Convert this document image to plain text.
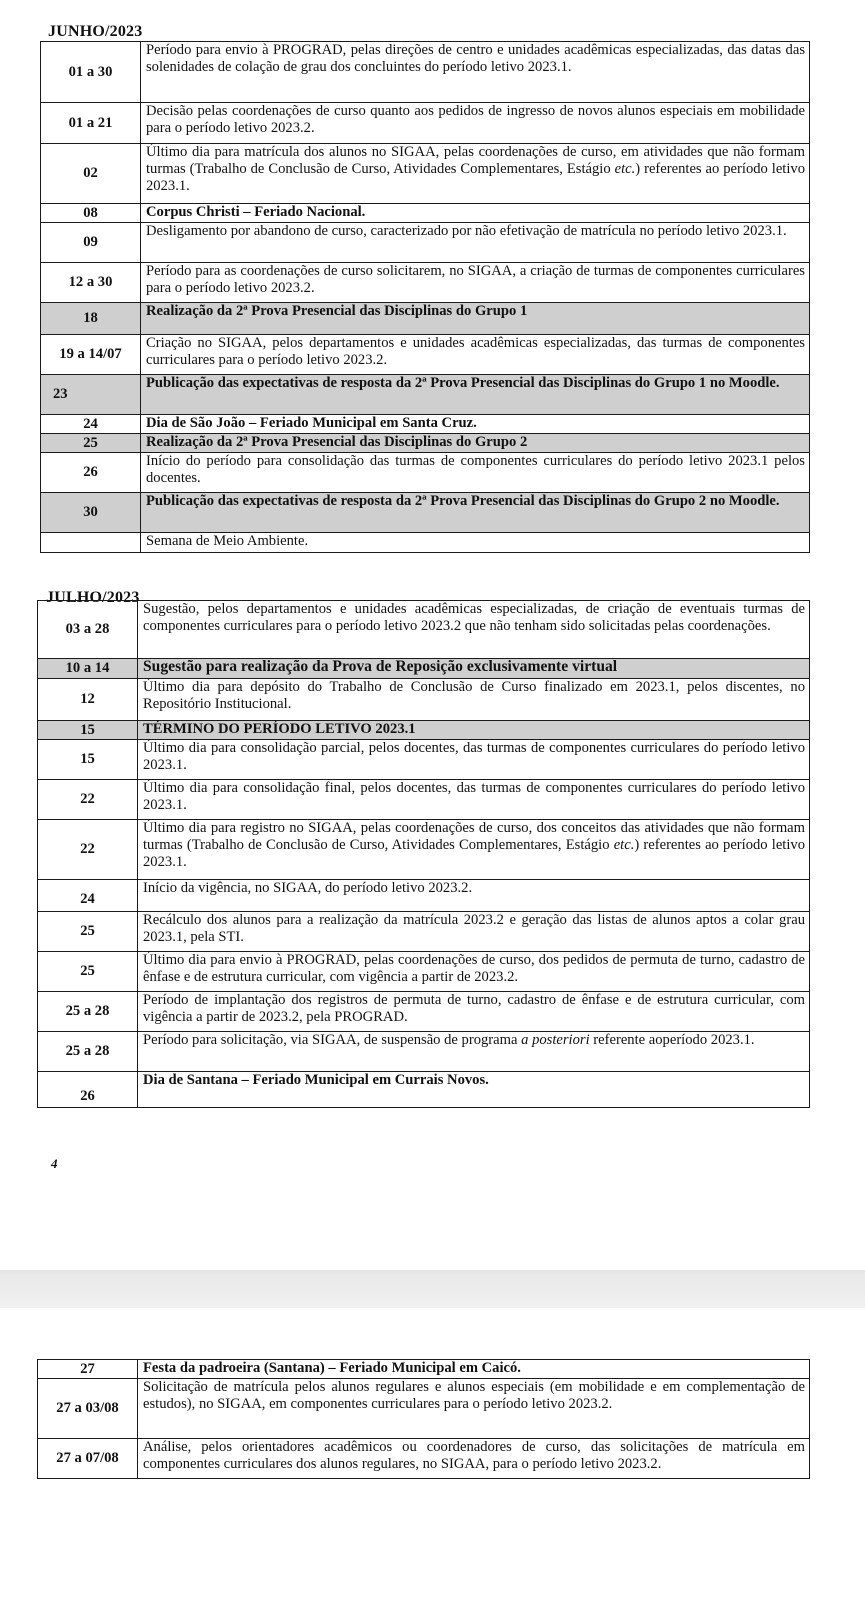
JUNHO/2023
01 a 30	Período para envio à PROGRAD, pelas direções de centro e unidades acadêmicas especializadas, das datas das solenidades de colação de grau dos concluintes do período letivo 2023.1.
01 a 21	Decisão pelas coordenações de curso quanto aos pedidos de ingresso de novos alunos especiais em mobilidade para o período letivo 2023.2.
02	Último dia para matrícula dos alunos no SIGAA, pelas coordenações de curso, em atividades que não formam turmas (Trabalho de Conclusão de Curso, Atividades Complementares, Estágio etc.) referentes ao período letivo 2023.1.
08	Corpus Christi – Feriado Nacional.
09	Desligamento por abandono de curso, caracterizado por não efetivação de matrícula no período letivo 2023.1.
12 a 30	Período para as coordenações de curso solicitarem, no SIGAA, a criação de turmas de componentes curriculares para o período letivo 2023.2.
18	Realização da 2ª Prova Presencial das Disciplinas do Grupo 1
19 a 14/07	Criação no SIGAA, pelos departamentos e unidades acadêmicas especializadas, das turmas de componentes curriculares para o período letivo 2023.2.
23	Publicação das expectativas de resposta da 2ª Prova Presencial das Disciplinas do Grupo 1 no Moodle.
24	Dia de São João – Feriado Municipal em Santa Cruz.
25	Realização da 2ª Prova Presencial das Disciplinas do Grupo 2
26	Início do período para consolidação das turmas de componentes curriculares do período letivo 2023.1 pelos docentes.
30	Publicação das expectativas de resposta da 2ª Prova Presencial das Disciplinas do Grupo 2 no Moodle.
	Semana de Meio Ambiente.
JULHO/2023
03 a 28	Sugestão, pelos departamentos e unidades acadêmicas especializadas, de criação de eventuais turmas de componentes curriculares para o período letivo 2023.2 que não tenham sido solicitadas pelas coordenações.
10 a 14	Sugestão para realização da Prova de Reposição exclusivamente virtual
12	Último dia para depósito do Trabalho de Conclusão de Curso finalizado em 2023.1, pelos discentes, no Repositório Institucional.
15	TÉRMINO DO PERÍODO LETIVO 2023.1
15	Último dia para consolidação parcial, pelos docentes, das turmas de componentes curriculares do período letivo 2023.1.
22	Último dia para consolidação final, pelos docentes, das turmas de componentes curriculares do período letivo 2023.1.
22	Último dia para registro no SIGAA, pelas coordenações de curso, dos conceitos das atividades que não formam turmas (Trabalho de Conclusão de Curso, Atividades Complementares, Estágio etc.) referentes ao período letivo 2023.1.
24	Início da vigência, no SIGAA, do período letivo 2023.2.
25	Recálculo dos alunos para a realização da matrícula 2023.2 e geração das listas de alunos aptos a colar grau 2023.1, pela STI.
25	Último dia para envio à PROGRAD, pelas coordenações de curso, dos pedidos de permuta de turno, cadastro de ênfase e de estrutura curricular, com vigência a partir de 2023.2.
25 a 28	Período de implantação dos registros de permuta de turno, cadastro de ênfase e de estrutura curricular, com vigência a partir de 2023.2, pela PROGRAD.
25 a 28	Período para solicitação, via SIGAA, de suspensão de programa a posteriori referente aoperíodo 2023.1.
26	Dia de Santana – Feriado Municipal em Currais Novos.
4
27	Festa da padroeira (Santana) – Feriado Municipal em Caicó.
27 a 03/08	Solicitação de matrícula pelos alunos regulares e alunos especiais (em mobilidade e em complementação de estudos), no SIGAA, em componentes curriculares para o período letivo 2023.2.
27 a 07/08	Análise, pelos orientadores acadêmicos ou coordenadores de curso, das solicitações de matrícula em componentes curriculares dos alunos regulares, no SIGAA, para o período letivo 2023.2.
